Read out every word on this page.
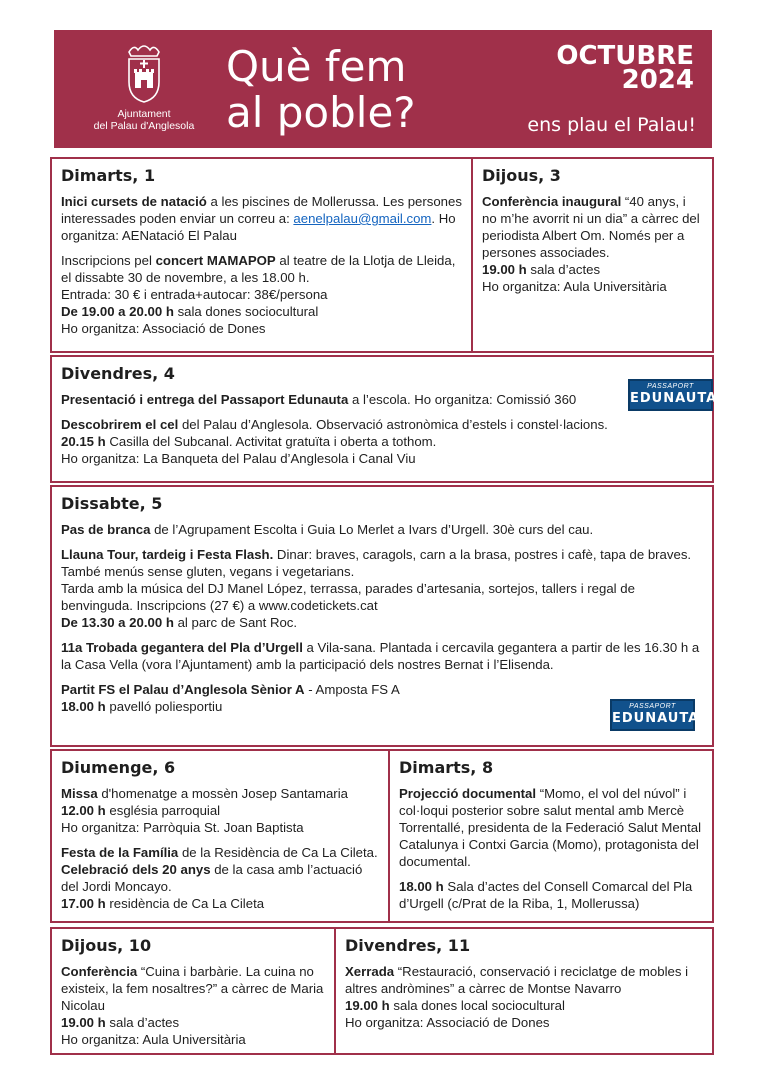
Ajuntament
del Palau d'Anglesola
Què fem
al poble?
OCTUBRE
2024
ens plau el Palau!
Dimarts, 1

Inici cursets de natació a les piscines de Mollerussa. Les persones interessades poden enviar un correu a: aenelpalau@gmail.com. Ho organitza: AENatació El Palau

Inscripcions pel concert MAMAPOP al teatre de la Llotja de Lleida, el dissabte 30 de novembre, a les 18.00 h.
Entrada: 30 € i entrada+autocar: 38€/persona
De 19.00 a 20.00 h sala dones sociocultural
Ho organitza: Associació de Dones

Dijous, 3

Conferència inaugural “40 anys, i no m’he avorrit ni un dia” a càrrec del periodista Albert Om. Només per a persones associades.
19.00 h sala d’actes
Ho organitza: Aula Universitària

Divendres, 4

Presentació i entrega del Passaport Edunauta a l’escola. Ho organitza: Comissió 360

Descobrirem el cel del Palau d’Anglesola. Observació astronòmica d’estels i constel·lacions.
20.15 h Casilla del Subcanal. Activitat gratuïta i oberta a tothom.
Ho organitza: La Banqueta del Palau d’Anglesola i Canal Viu

PASSAPORT
EDUNAUTA
Dissabte, 5

Pas de branca de l’Agrupament Escolta i Guia Lo Merlet a Ivars d’Urgell. 30è curs del cau.

Llauna Tour, tardeig i Festa Flash. Dinar: braves, caragols, carn a la brasa, postres i cafè, tapa de braves. També menús sense gluten, vegans i vegetarians.
Tarda amb la música del DJ Manel López, terrassa, parades d’artesania, sortejos, tallers i regal de benvinguda. Inscripcions (27 €) a www.codetickets.cat
De 13.30 a 20.00 h al parc de Sant Roc.

11a Trobada gegantera del Pla d’Urgell a Vila-sana. Plantada i cercavila gegantera a partir de les 16.30 h a la Casa Vella (vora l’Ajuntament) amb la participació dels nostres Bernat i l’Elisenda.

Partit FS el Palau d’Anglesola Sènior A - Amposta FS A
18.00 h pavelló poliesportiu	PASSAPORT
EDUNAUTA
Diumenge, 6

Missa d'homenatge a mossèn Josep Santamaria
12.00 h església parroquial
Ho organitza: Parròquia St. Joan Baptista

Festa de la Família de la Residència de Ca La Cileta. Celebració dels 20 anys de la casa amb l’actuació del Jordi Moncayo.
17.00 h residència de Ca La Cileta

Dimarts, 8

Projecció documental “Momo, el vol del núvol” i col·loqui posterior sobre salut mental amb Mercè Torrentallé, presidenta de la Federació Salut Mental Catalunya i Contxi Garcia (Momo), protagonista del documental.

18.00 h Sala d’actes del Consell Comarcal del Pla d’Urgell (c/Prat de la Riba, 1, Mollerussa)

Dijous, 10

Conferència “Cuina i barbàrie. La cuina no existeix, la fem nosaltres?” a càrrec de Maria Nicolau
19.00 h sala d’actes
Ho organitza: Aula Universitària

Divendres, 11

Xerrada “Restauració, conservació i reciclatge de mobles i altres andròmines” a càrrec de Montse Navarro
19.00 h sala dones local sociocultural
Ho organitza: Associació de Dones
